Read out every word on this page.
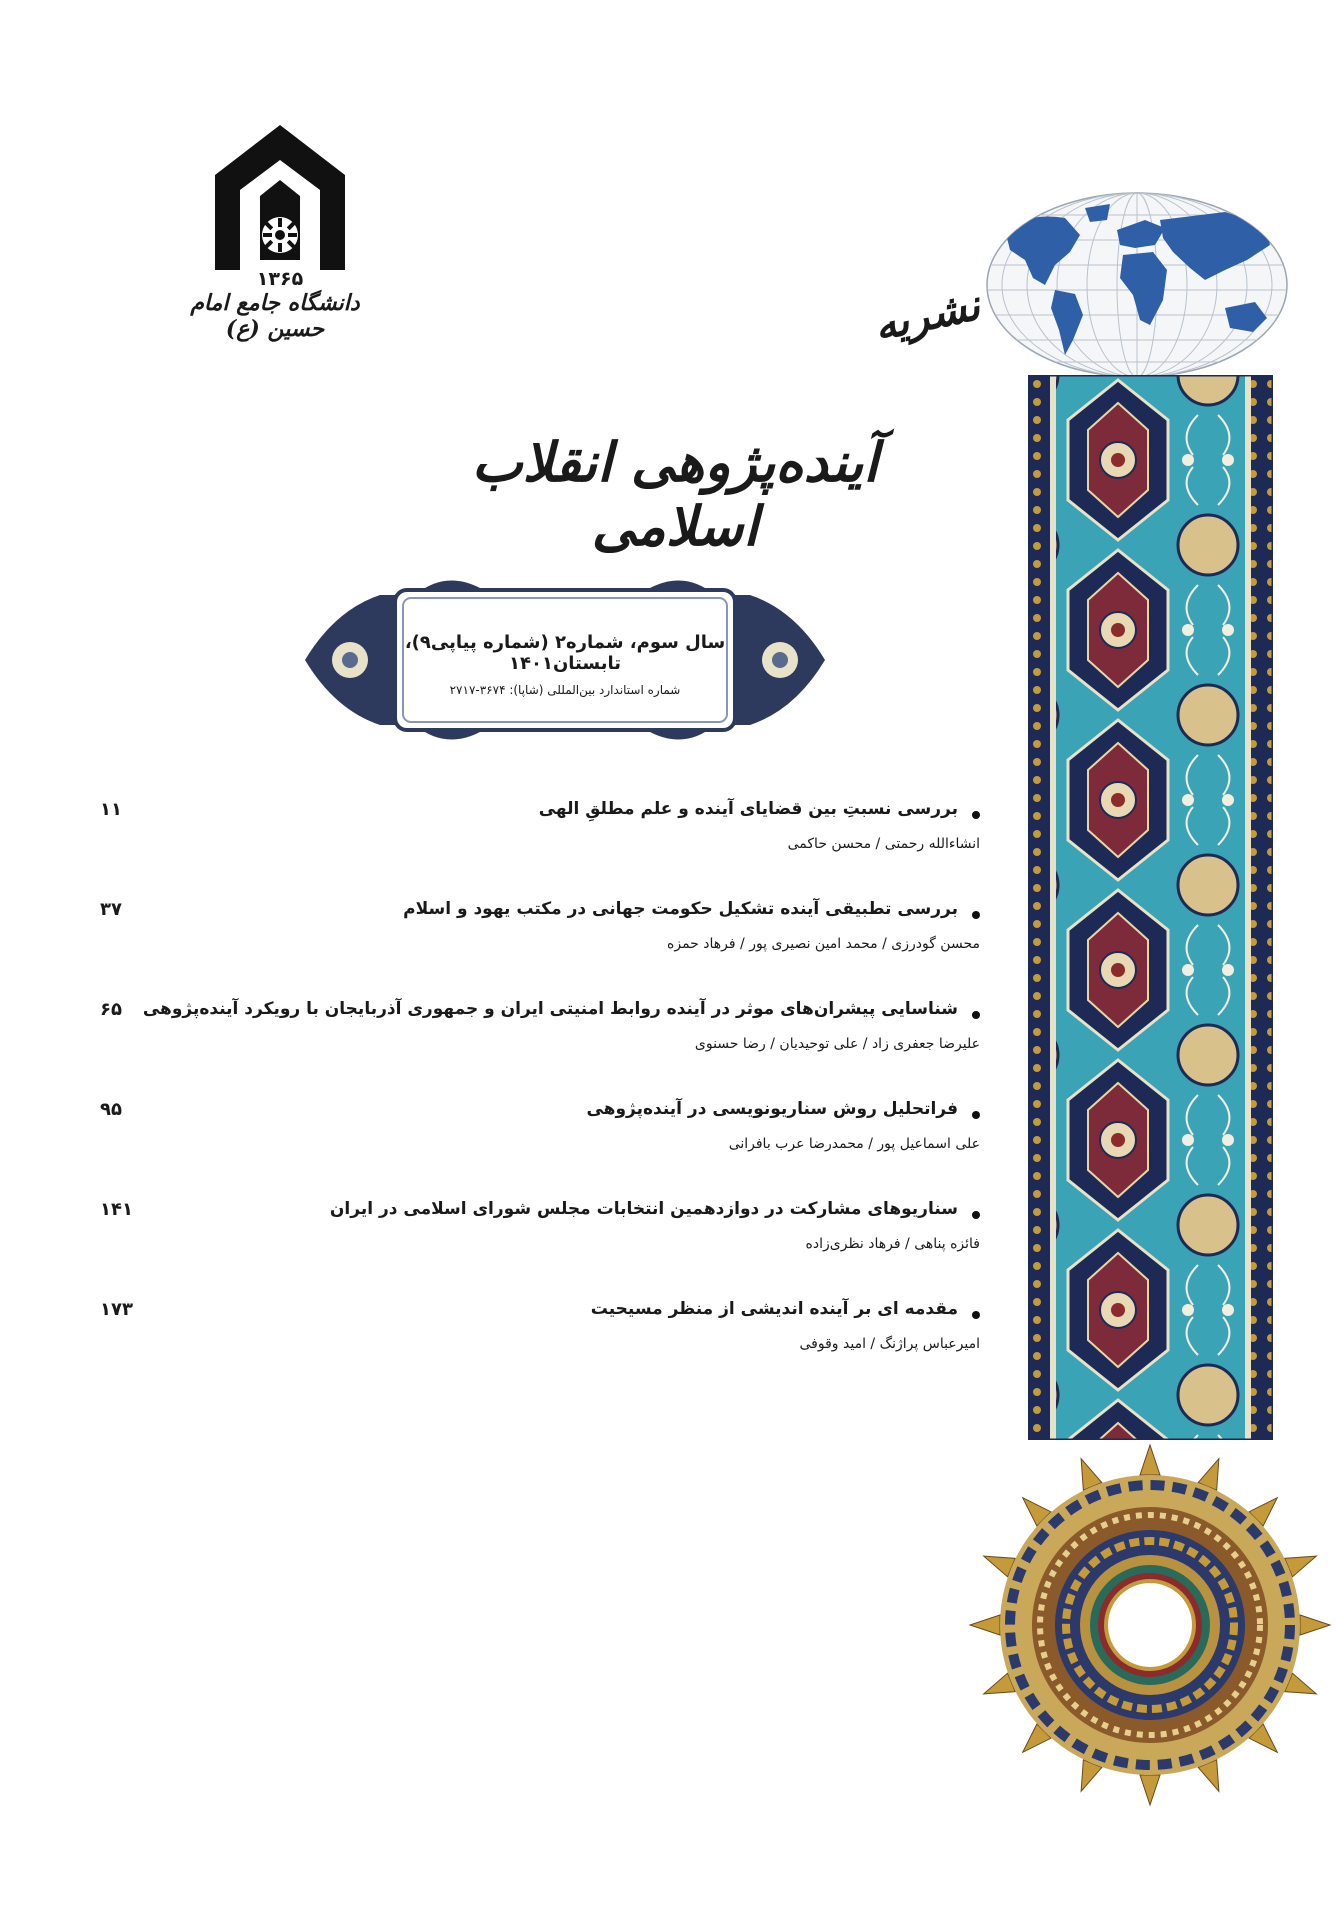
۱۳۶۵
دانشگاه جامع امام حسین (ع)	نشریه
آینده‌پژوهی انقلاب اسلامی
سال سوم، شماره۲ (شماره پیاپی۹)، تابستان۱۴۰۱
شماره استاندارد بین‌المللی (شاپا): ۳۶۷۴-۲۷۱۷
بررسی نسبتِ بین قضایای آینده و علم مطلقِ الهی
انشاءالله رحمتی / محسن حاکمی
۱۱
بررسی تطبیقی آینده تشکیل حکومت جهانی در مکتب یهود و اسلام
محسن گودرزی / محمد امین نصیری پور / فرهاد حمزه
۳۷
شناسایی پیشران‌های موثر در آینده روابط امنیتی ایران و جمهوری آذربایجان با رویکرد آینده‌پژوهی
علیرضا جعفری زاد / علی توحیدیان / رضا حسنوی
۶۵
فراتحلیل روش سناریونویسی در آینده‌پژوهی
علی اسماعیل پور / محمدرضا عرب بافرانی
۹۵
سناریوهای مشارکت در دوازدهمین انتخابات مجلس شورای اسلامی در ایران
فائزه پناهی / فرهاد نظری‌زاده
۱۴۱
مقدمه ای بر آینده اندیشی از منظر مسیحیت
امیرعباس پراژنگ / امید وقوفی
۱۷۳
